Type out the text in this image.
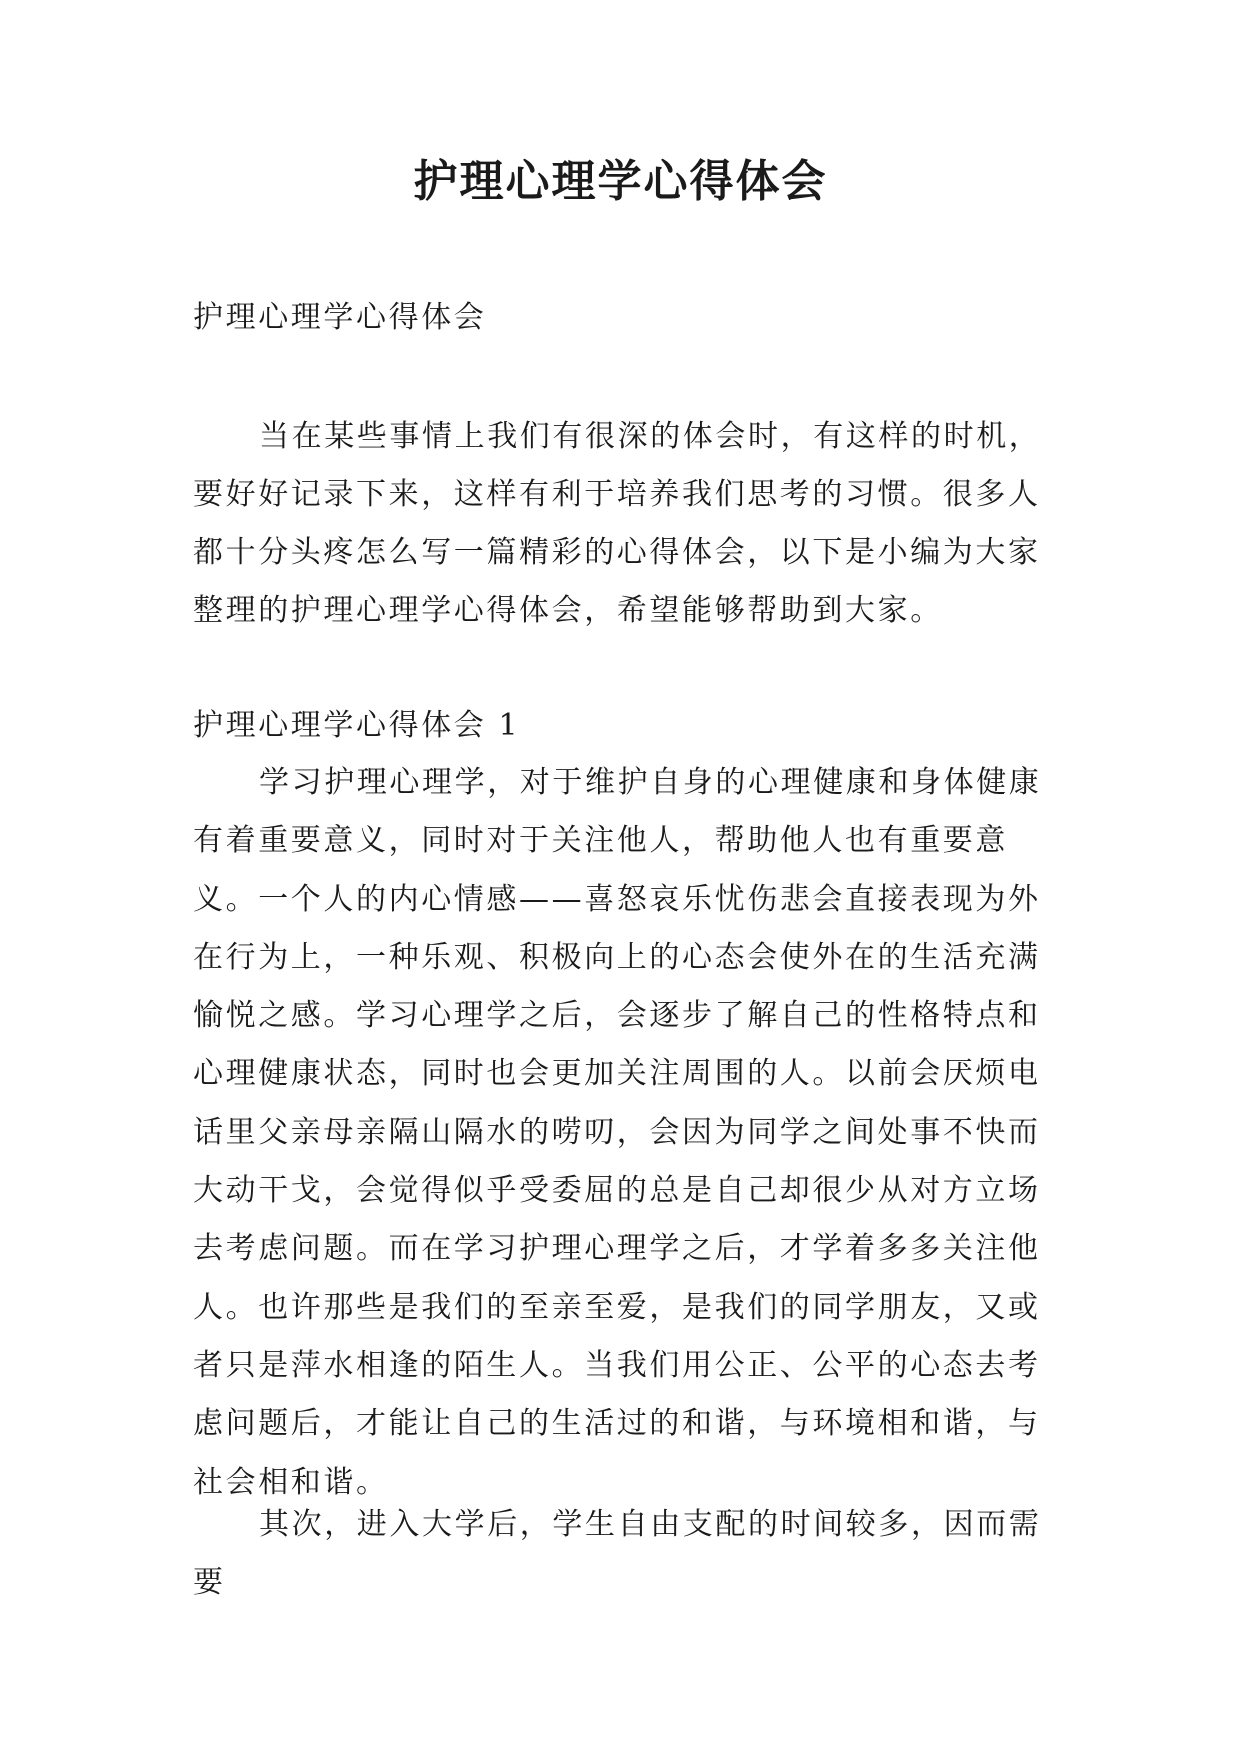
护理心理学心得体会

护理心理学心得体会

当在某些事情上我们有很深的体会时，有这样的时机，要好好记录下来，这样有利于培养我们思考的习惯。很多人都十分头疼怎么写一篇精彩的心得体会，以下是小编为大家整理的护理心理学心得体会，希望能够帮助到大家。

护理心理学心得体会 1

学习护理心理学，对于维护自身的心理健康和身体健康有着重要意义，同时对于关注他人，帮助他人也有重要意义。一个人的内心情感——喜怒哀乐忧伤悲会直接表现为外在行为上，一种乐观、积极向上的心态会使外在的生活充满愉悦之感。学习心理学之后，会逐步了解自己的性格特点和心理健康状态，同时也会更加关注周围的人。以前会厌烦电话里父亲母亲隔山隔水的唠叨，会因为同学之间处事不快而大动干戈，会觉得似乎受委屈的总是自己却很少从对方立场去考虑问题。而在学习护理心理学之后，才学着多多关注他人。也许那些是我们的至亲至爱，是我们的同学朋友，又或者只是萍水相逢的陌生人。当我们用公正、公平的心态去考虑问题后，才能让自己的生活过的和谐，与环境相和谐，与社会相和谐。

其次，进入大学后，学生自由支配的时间较多，因而需要
